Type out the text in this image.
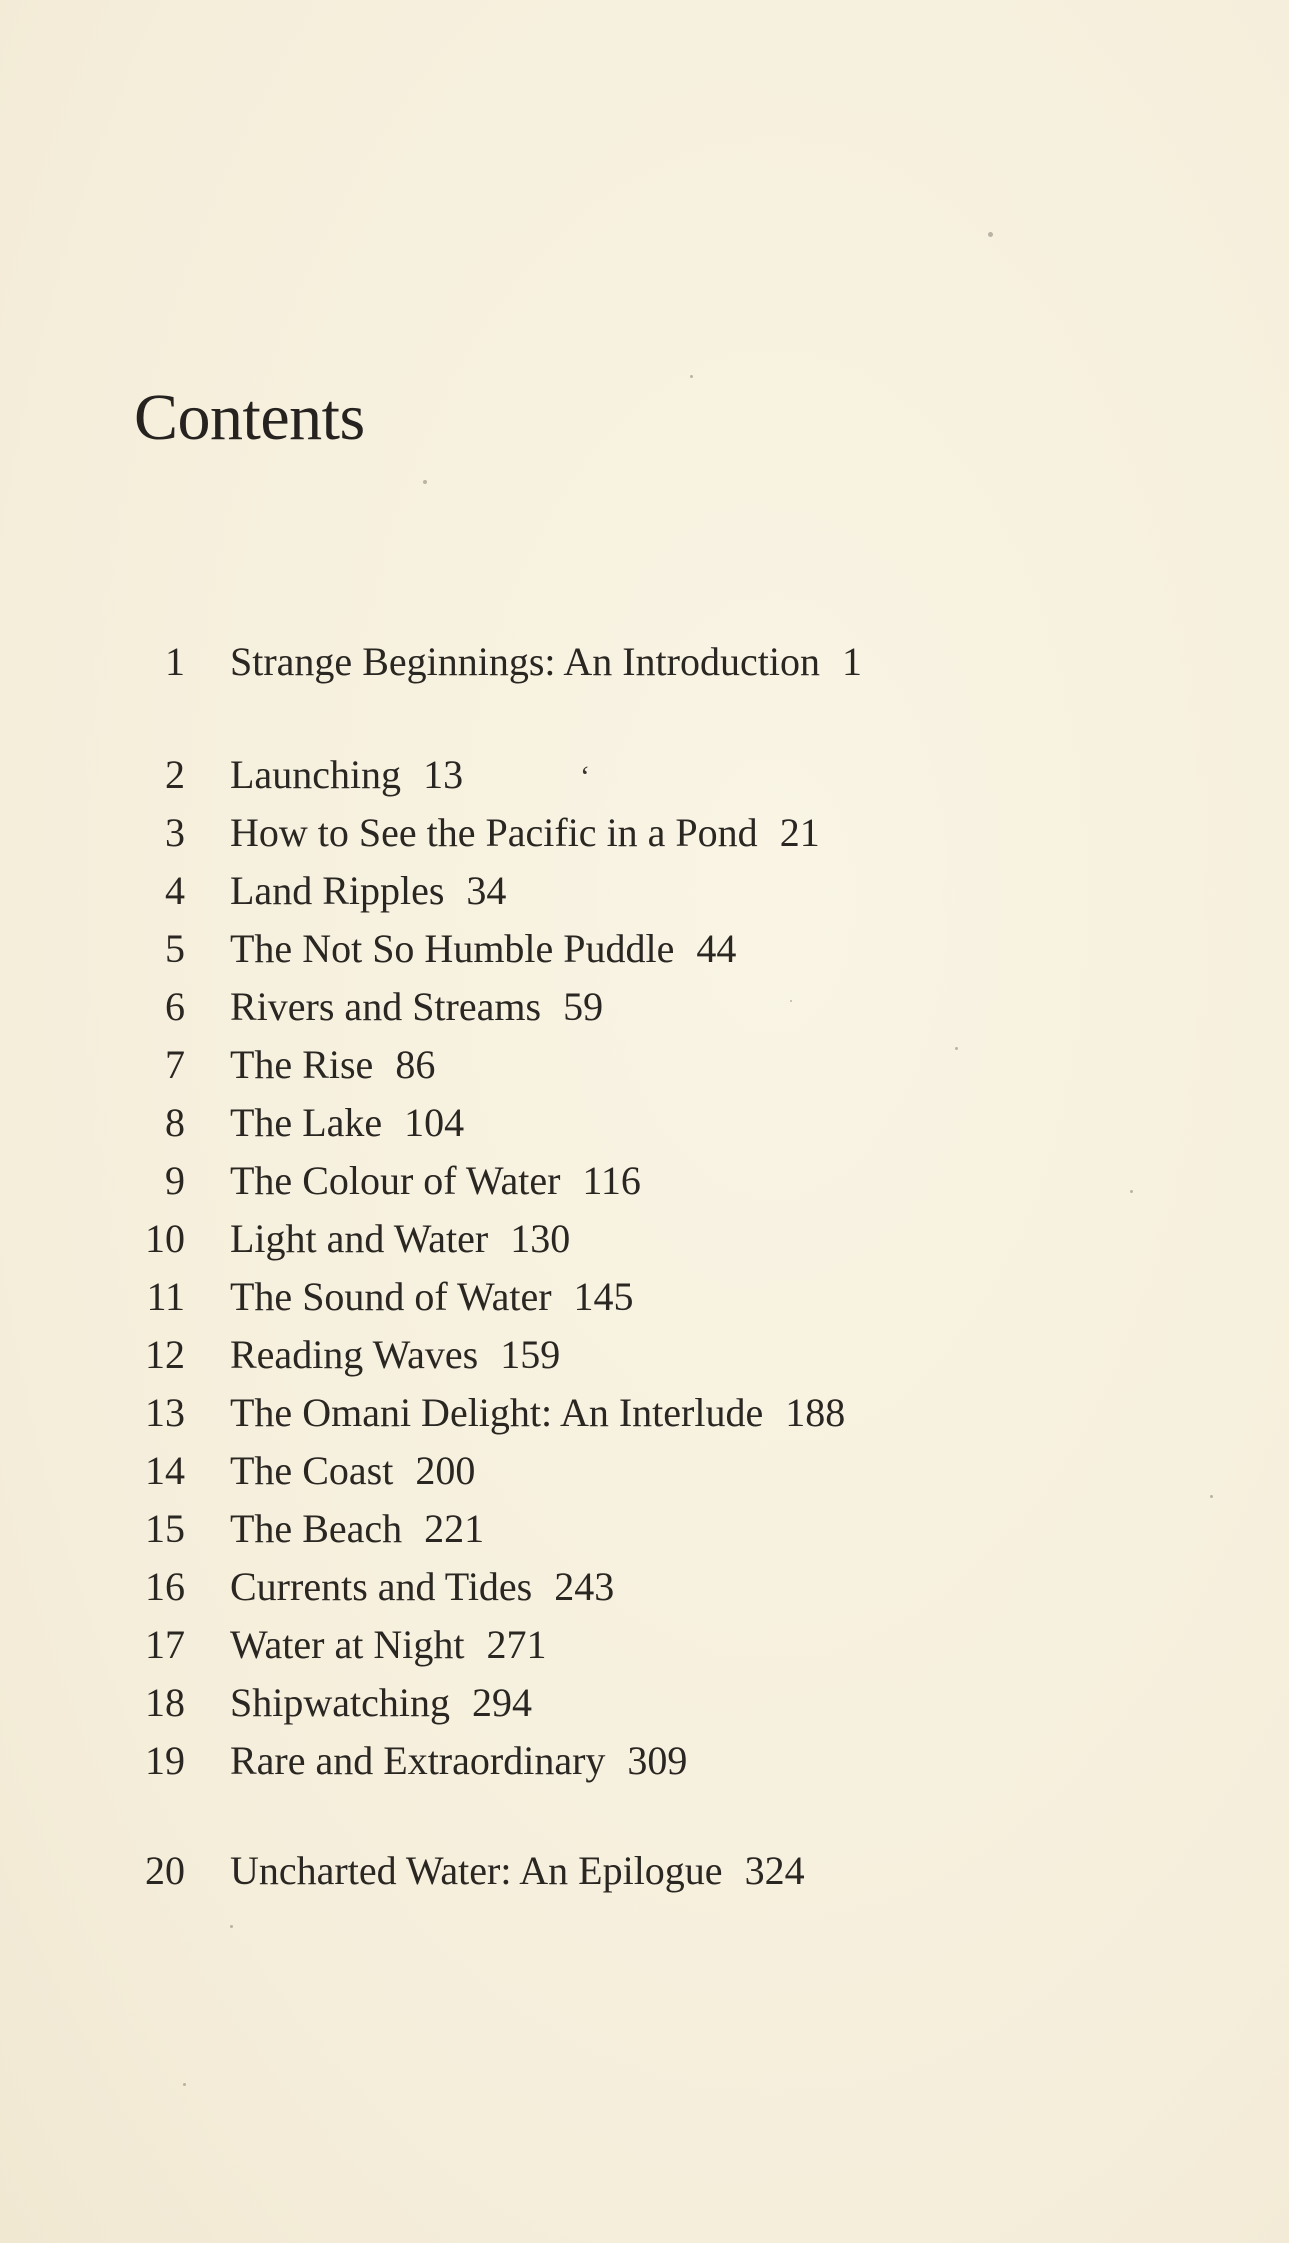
Contents
1 Strange Beginnings: An Introduction 1
2 Launching 13
3 How to See the Pacific in a Pond 21
4 Land Ripples 34
5 The Not So Humble Puddle 44
6 Rivers and Streams 59
7 The Rise 86
8 The Lake 104
9 The Colour of Water 116
10 Light and Water 130
11 The Sound of Water 145
12 Reading Waves 159
13 The Omani Delight: An Interlude 188
14 The Coast 200
15 The Beach 221
16 Currents and Tides 243
17 Water at Night 271
18 Shipwatching 294
19 Rare and Extraordinary 309
20 Uncharted Water: An Epilogue 324
ʻ
